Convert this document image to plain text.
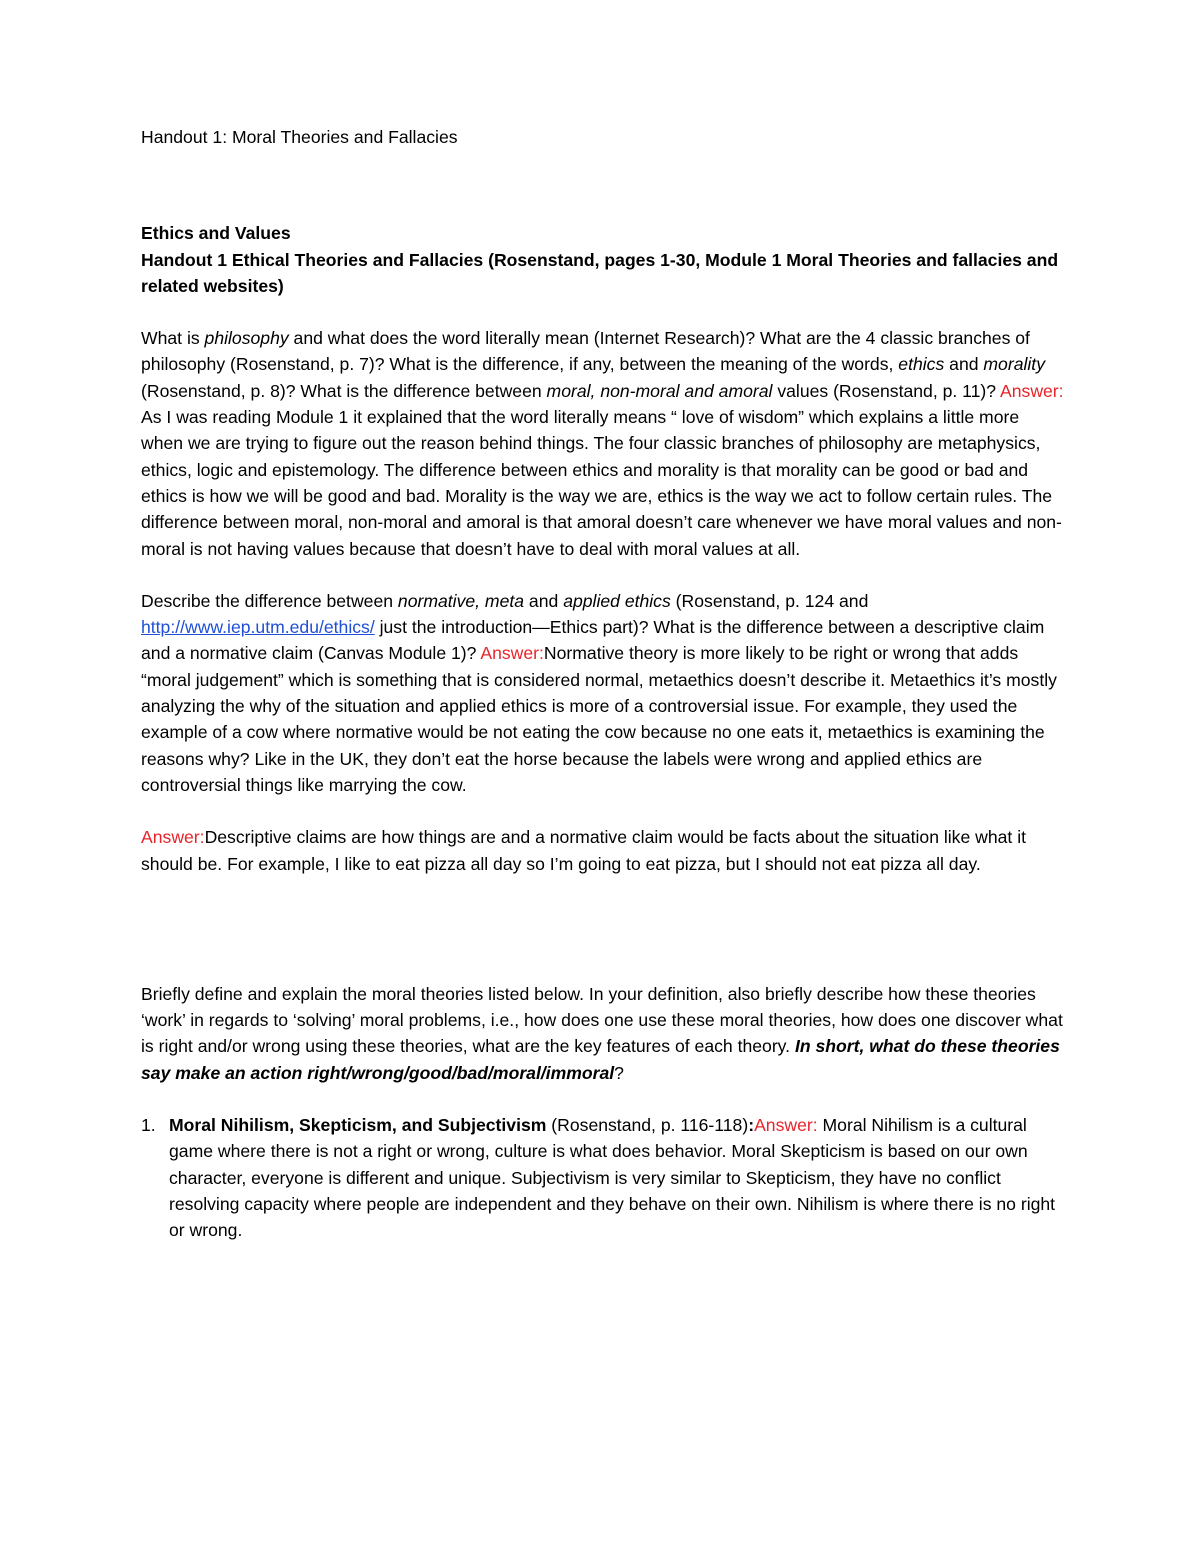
Handout 1: Moral Theories and Fallacies
Ethics and Values
Handout 1 Ethical Theories and Fallacies (Rosenstand, pages 1-30, Module 1 Moral Theories and fallacies and related websites)

What is philosophy and what does the word literally mean (Internet Research)? What are the 4 classic branches of philosophy (Rosenstand, p. 7)? What is the difference, if any, between the meaning of the words, ethics and morality (Rosenstand, p. 8)? What is the difference between moral, non-moral and amoral values (Rosenstand, p. 11)? Answer: As I was reading Module 1 it explained that the word literally means “ love of wisdom” which explains a little more when we are trying to figure out the reason behind things. The four classic branches of philosophy are metaphysics, ethics, logic and epistemology. The difference between ethics and morality is that morality can be good or bad and ethics is how we will be good and bad. Morality is the way we are, ethics is the way we act to follow certain rules. The difference between moral, non-moral and amoral is that amoral doesn’t care whenever we have moral values and non-moral is not having values because that doesn’t have to deal with moral values at all.

Describe the difference between normative, meta and applied ethics (Rosenstand, p. 124 and http://www.iep.utm.edu/ethics/ just the introduction—Ethics part)? What is the difference between a descriptive claim and a normative claim (Canvas Module 1)? Answer:Normative theory is more likely to be right or wrong that adds “moral judgement” which is something that is considered normal, metaethics doesn’t describe it. Metaethics it’s mostly analyzing the why of the situation and applied ethics is more of a controversial issue. For example, they used the example of a cow where normative would be not eating the cow because no one eats it, metaethics is examining the reasons why? Like in the UK, they don’t eat the horse because the labels were wrong and applied ethics are controversial things like marrying the cow.

Answer:Descriptive claims are how things are and a normative claim would be facts about the situation like what it should be. For example, I like to eat pizza all day so I’m going to eat pizza, but I should not eat pizza all day.

Briefly define and explain the moral theories listed below. In your definition, also briefly describe how these theories ‘work’ in regards to ‘solving’ moral problems, i.e., how does one use these moral theories, how does one discover what is right and/or wrong using these theories, what are the key features of each theory. In short, what do these theories say make an action right/wrong/good/bad/moral/immoral?

1. Moral Nihilism, Skepticism, and Subjectivism (Rosenstand, p. 116-118):Answer: Moral Nihilism is a cultural game where there is not a right or wrong, culture is what does behavior. Moral Skepticism is based on our own character, everyone is different and unique. Subjectivism is very similar to Skepticism, they have no conflict resolving capacity where people are independent and they behave on their own. Nihilism is where there is no right or wrong.
